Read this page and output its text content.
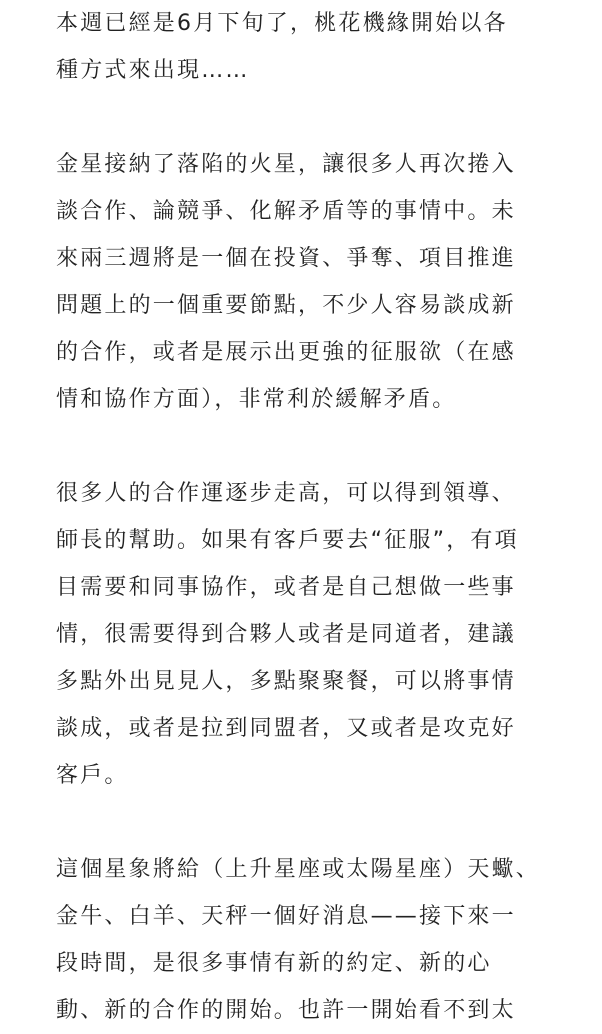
本週已經是6月下旬了，桃花機緣開始以各
種方式來出現……
金星接納了落陷的火星，讓很多人再次捲入
談合作、論競爭、化解矛盾等的事情中。未
來兩三週將是一個在投資、爭奪、項目推進
問題上的一個重要節點，不少人容易談成新
的合作，或者是展示出更強的征服欲（在感
情和協作方面），非常利於緩解矛盾。
很多人的合作運逐步走高，可以得到領導、
師長的幫助。如果有客戶要去“征服”，有項
目需要和同事協作，或者是自己想做一些事
情，很需要得到合夥人或者是同道者，建議
多點外出見見人，多點聚聚餐，可以將事情
談成，或者是拉到同盟者，又或者是攻克好
客戶。
這個星象將給（上升星座或太陽星座）天蠍、
金牛、白羊、天秤一個好消息——接下來一
段時間，是很多事情有新的約定、新的心
動、新的合作的開始。也許一開始看不到太
